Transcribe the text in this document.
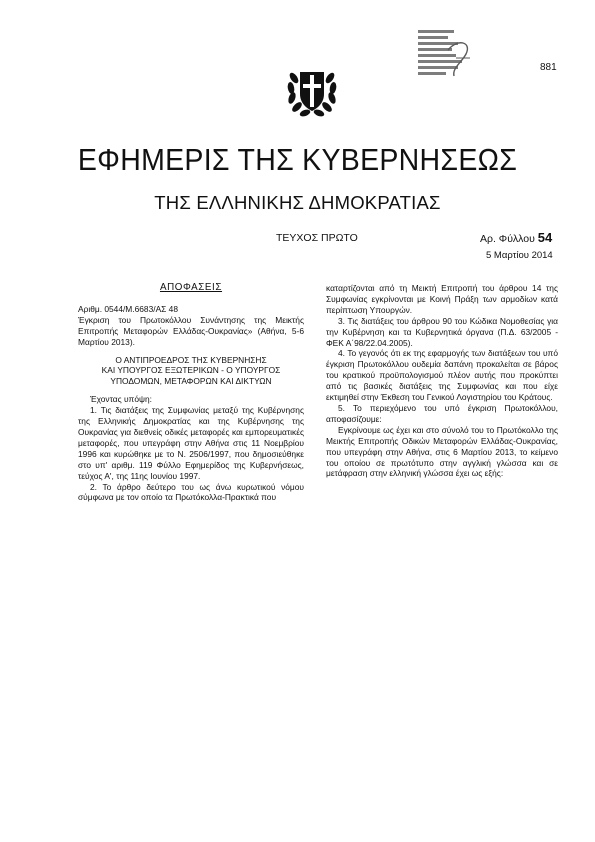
881
ΕΦΗΜΕΡΙΣ ΤΗΣ ΚΥΒΕΡΝΗΣΕΩΣ
ΤΗΣ ΕΛΛΗΝΙΚΗΣ ΔΗΜΟΚΡΑΤΙΑΣ
ΤΕΥΧΟΣ ΠΡΩΤΟ	Αρ. Φύλλου 54
5 Μαρτίου 2014

ΑΠΟΦΑΣΕΙΣ

Αριθμ. 0544/Μ.6683/ΑΣ 48

Έγκριση του Πρωτοκόλλου Συνάντησης της Μεικτής Επιτροπής Μεταφορών Ελλάδας-Ουκρανίας» (Αθήνα, 5-6 Μαρτίου 2013).

Ο ΑΝΤΙΠΡΟΕΔΡΟΣ ΤΗΣ ΚΥΒΕΡΝΗΣΗΣ

ΚΑΙ ΥΠΟΥΡΓΟΣ ΕΞΩΤΕΡΙΚΩΝ - Ο ΥΠΟΥΡΓΟΣ

ΥΠΟΔΟΜΩΝ, ΜΕΤΑΦΟΡΩΝ ΚΑΙ ΔΙΚΤΥΩΝ

Έχοντας υπόψη:

1. Τις διατάξεις της Συμφωνίας μεταξύ της Κυβέρνησης της Ελληνικής Δημοκρατίας και της Κυβέρνησης της Ουκρανίας για διεθνείς οδικές μεταφορές και εμπορευματικές μεταφορές, που υπεγράφη στην Αθήνα στις 11 Νοεμβρίου 1996 και κυρώθηκε με το Ν. 2506/1997, που δημοσιεύθηκε στο υπ' αριθμ. 119 Φύλλο Εφημερίδος της Κυβερνήσεως, τεύχος Α', της 11ης Ιουνίου 1997.

2. Το άρθρο δεύτερο του ως άνω κυρωτικού νόμου σύμφωνα με τον οποίο τα Πρωτόκολλα-Πρακτικά που

καταρτίζονται από τη Μεικτή Επιτροπή του άρθρου 14 της Συμφωνίας εγκρίνονται με Κοινή Πράξη των αρμοδίων κατά περίπτωση Υπουργών.

3. Τις διατάξεις του άρθρου 90 του Κώδικα Νομοθεσίας για την Κυβέρνηση και τα Κυβερνητικά όργανα (Π.Δ. 63/2005 - ΦΕΚ Α΄98/22.04.2005).

4. Το γεγονός ότι εκ της εφαρμογής των διατάξεων του υπό έγκριση Πρωτοκόλλου ουδεμία δαπάνη προκαλείται σε βάρος του κρατικού προϋπολογισμού πλέον αυτής που προκύπτει από τις βασικές διατάξεις της Συμφωνίας και που είχε εκτιμηθεί στην Έκθεση του Γενικού Λογιστηρίου του Κράτους.

5. Το περιεχόμενο του υπό έγκριση Πρωτοκόλλου, αποφασίζουμε:

Εγκρίνουμε ως έχει και στο σύνολό του το Πρωτόκολλο της Μεικτής Επιτροπής Οδικών Μεταφορών Ελλάδας-Ουκρανίας, που υπεγράφη στην Αθήνα, στις 6 Μαρτίου 2013, το κείμενο του οποίου σε πρωτότυπο στην αγγλική γλώσσα και σε μετάφραση στην ελληνική γλώσσα έχει ως εξής:
